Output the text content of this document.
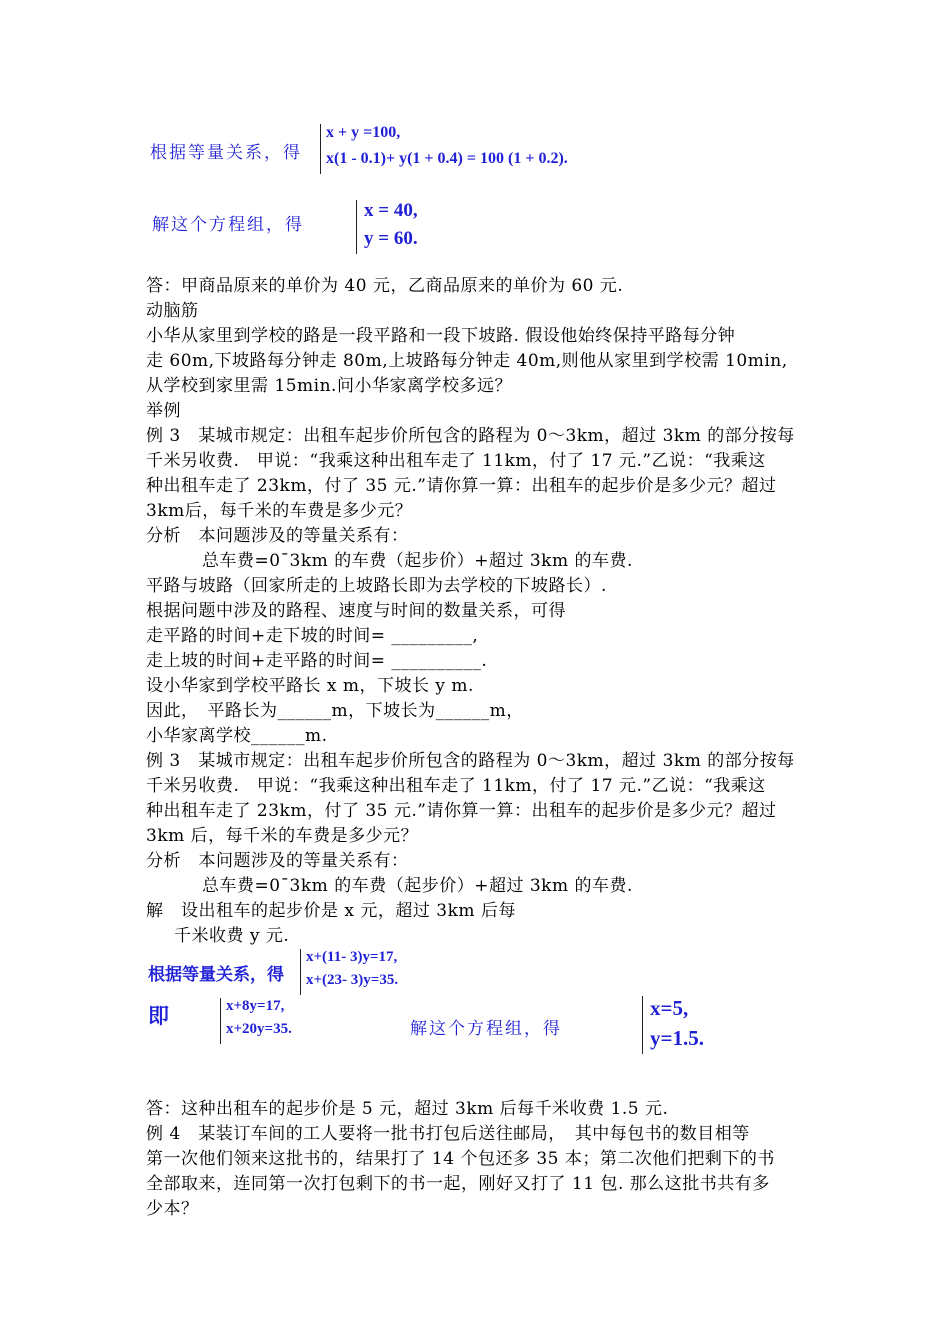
根据等量关系，得
x + y =100,
x(1 - 0.1)+ y(1 + 0.4) = 100 (1 + 0.2).
解这个方程组，得
x = 40,
y = 60.
答：甲商品原来的单价为 40 元，乙商品原来的单价为 60 元.
动脑筋
小华从家里到学校的路是一段平路和一段下坡路. 假设他始终保持平路每分钟
走 60m,下坡路每分钟走 80m,上坡路每分钟走 40m,则他从家里到学校需 10min,
从学校到家里需 15min.问小华家离学校多远？
举例
例 3　某城市规定：出租车起步价所包含的路程为 0～3km，超过 3km 的部分按每
千米另收费.　甲说：“我乘这种出租车走了 11km，付了 17 元.”乙说：“我乘这
种出租车走了 23km，付了 35 元.”请你算一算：出租车的起步价是多少元？超过
3km后，每千米的车费是多少元？
分析　本问题涉及的等量关系有：
总车费=0¯3km 的车费（起步价）+超过 3km 的车费.
平路与坡路（回家所走的上坡路长即为去学校的下坡路长）.
根据问题中涉及的路程、速度与时间的数量关系，可得
走平路的时间+走下坡的时间= _________,
走上坡的时间+走平路的时间= __________.
设小华家到学校平路长 x m，下坡长 y m.
因此，　平路长为______m，下坡长为______m，
小华家离学校______m.
例 3　某城市规定：出租车起步价所包含的路程为 0～3km，超过 3km 的部分按每
千米另收费.　甲说：“我乘这种出租车走了 11km，付了 17 元.”乙说：“我乘这
种出租车走了 23km，付了 35 元.”请你算一算：出租车的起步价是多少元？超过
3km 后，每千米的车费是多少元？
分析　本问题涉及的等量关系有：
总车费=0¯3km 的车费（起步价）+超过 3km 的车费.
解　设出租车的起步价是 x 元，超过 3km 后每
千米收费 y 元.
根据等量关系，得
x+(11- 3)y=17,
x+(23- 3)y=35.
即	x+8y=17,
x+20y=35.	解这个方程组，得
x=5,
y=1.5.
答：这种出租车的起步价是 5 元，超过 3km 后每千米收费 1.5 元.
例 4　某装订车间的工人要将一批书打包后送往邮局，　其中每包书的数目相等
第一次他们领来这批书的，结果打了 14 个包还多 35 本；第二次他们把剩下的书
全部取来，连同第一次打包剩下的书一起，刚好又打了 11 包. 那么这批书共有多
少本？
